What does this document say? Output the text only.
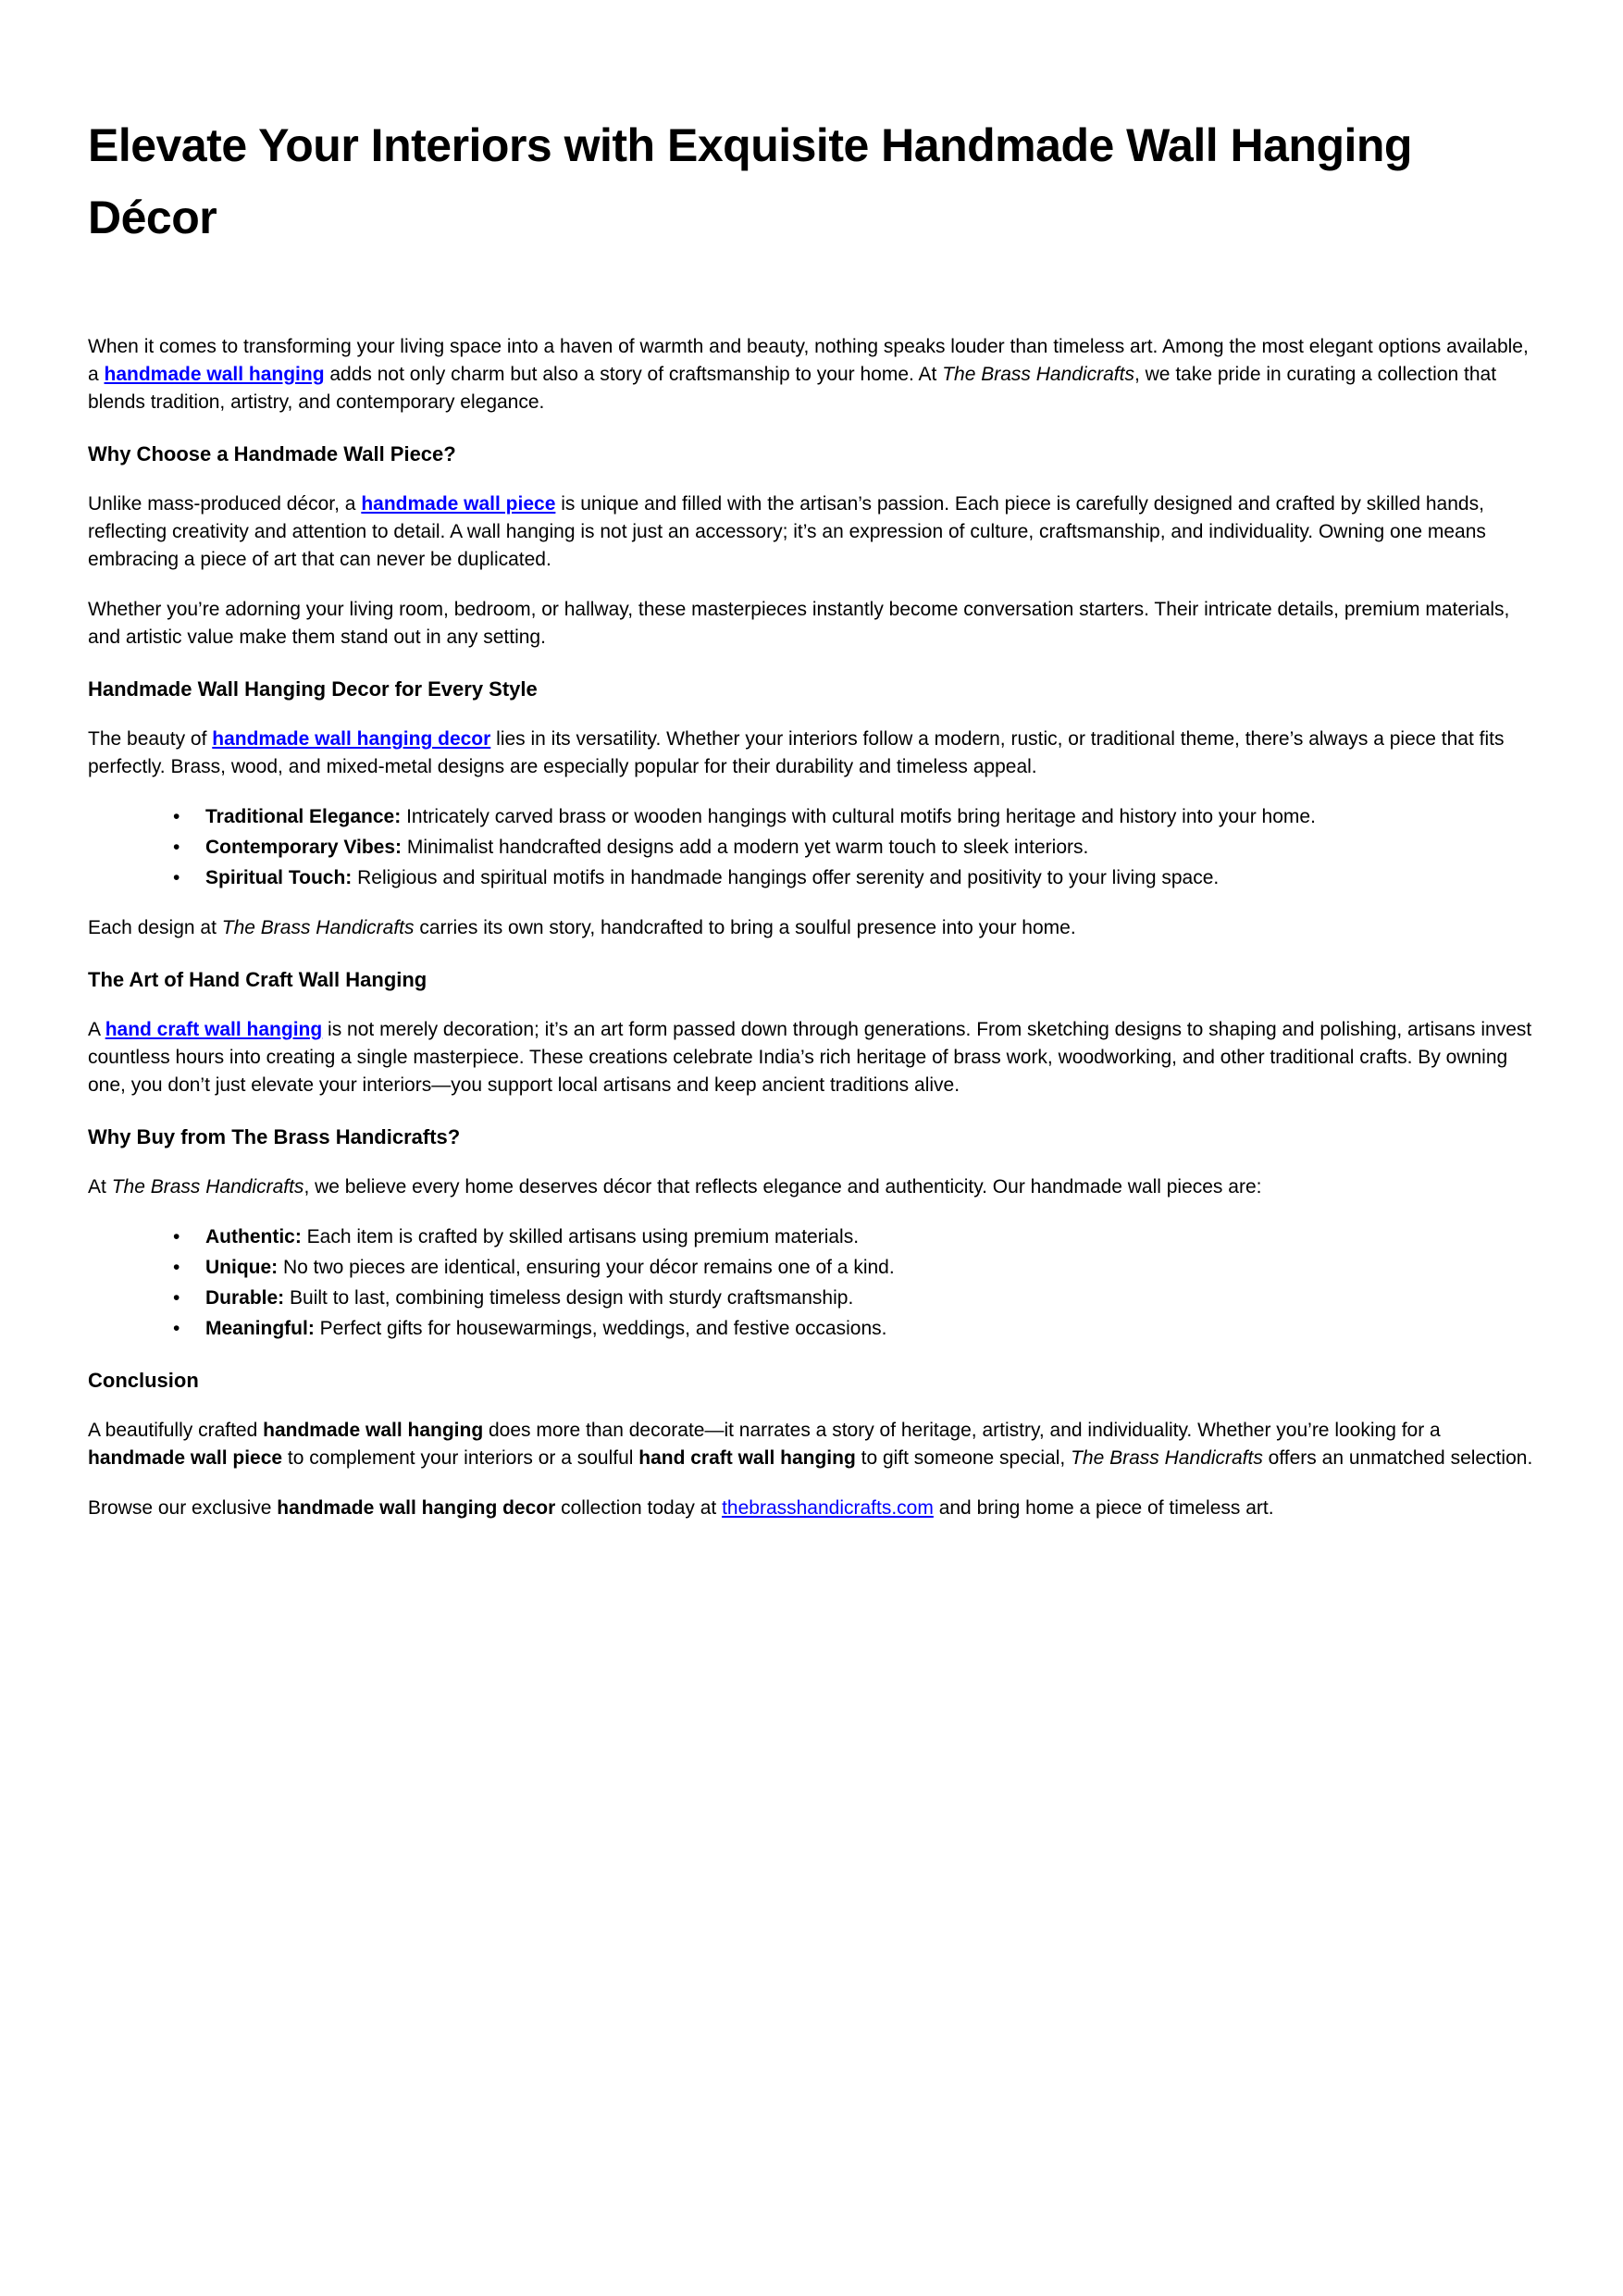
Elevate Your Interiors with Exquisite Handmade Wall Hanging
Décor

When it comes to transforming your living space into a haven of warmth and beauty, nothing speaks louder than timeless art. Among the most elegant options available, a handmade wall hanging adds not only charm but also a story of craftsmanship to your home. At The Brass Handicrafts, we take pride in curating a collection that blends tradition, artistry, and contemporary elegance.

Why Choose a Handmade Wall Piece?

Unlike mass-produced décor, a handmade wall piece is unique and filled with the artisan’s passion. Each piece is carefully designed and crafted by skilled hands, reflecting creativity and attention to detail. A wall hanging is not just an accessory; it’s an expression of culture, craftsmanship, and individuality. Owning one means embracing a piece of art that can never be duplicated.

Whether you’re adorning your living room, bedroom, or hallway, these masterpieces instantly become conversation starters. Their intricate details, premium materials, and artistic value make them stand out in any setting.

Handmade Wall Hanging Decor for Every Style

The beauty of handmade wall hanging decor lies in its versatility. Whether your interiors follow a modern, rustic, or traditional theme, there’s always a piece that fits perfectly. Brass, wood, and mixed-metal designs are especially popular for their durability and timeless appeal.

• Traditional Elegance: Intricately carved brass or wooden hangings with cultural motifs bring heritage and history into your home.
• Contemporary Vibes: Minimalist handcrafted designs add a modern yet warm touch to sleek interiors.
• Spiritual Touch: Religious and spiritual motifs in handmade hangings offer serenity and positivity to your living space.

Each design at The Brass Handicrafts carries its own story, handcrafted to bring a soulful presence into your home.

The Art of Hand Craft Wall Hanging

A hand craft wall hanging is not merely decoration; it’s an art form passed down through generations. From sketching designs to shaping and polishing, artisans invest countless hours into creating a single masterpiece. These creations celebrate India’s rich heritage of brass work, woodworking, and other traditional crafts. By owning one, you don’t just elevate your interiors—you support local artisans and keep ancient traditions alive.

Why Buy from The Brass Handicrafts?

At The Brass Handicrafts, we believe every home deserves décor that reflects elegance and authenticity. Our handmade wall pieces are:

• Authentic: Each item is crafted by skilled artisans using premium materials.
• Unique: No two pieces are identical, ensuring your décor remains one of a kind.
• Durable: Built to last, combining timeless design with sturdy craftsmanship.
• Meaningful: Perfect gifts for housewarmings, weddings, and festive occasions.
Conclusion

A beautifully crafted handmade wall hanging does more than decorate—it narrates a story of heritage, artistry, and individuality. Whether you’re looking for a handmade wall piece to complement your interiors or a soulful hand craft wall hanging to gift someone special, The Brass Handicrafts offers an unmatched selection.

Browse our exclusive handmade wall hanging decor collection today at thebrasshandicrafts.com and bring home a piece of timeless art.
